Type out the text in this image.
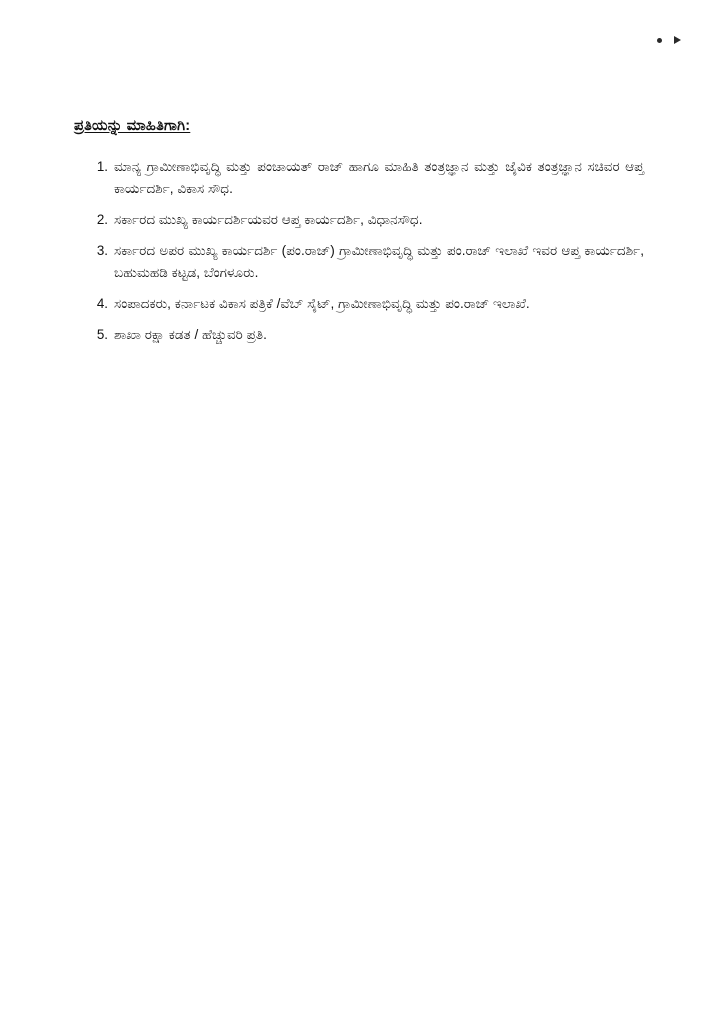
ಪ್ರತಿಯನ್ನು ಮಾಹಿತಿಗಾಗಿ:
ಮಾನ್ಯ ಗ್ರಾಮೀಣಾಭಿವೃದ್ಧಿ ಮತ್ತು ಪಂಚಾಯತ್ ರಾಜ್ ಹಾಗೂ ಮಾಹಿತಿ ತಂತ್ರಜ್ಞಾನ ಮತ್ತು ಜೈವಿಕ ತಂತ್ರಜ್ಞಾನ ಸಚಿವರ ಆಪ್ತ ಕಾರ್ಯದರ್ಶಿ, ವಿಕಾಸ ಸೌಧ.
ಸರ್ಕಾರದ ಮುಖ್ಯ ಕಾರ್ಯದರ್ಶಿಯವರ ಆಪ್ತ ಕಾರ್ಯದರ್ಶಿ, ವಿಧಾನಸೌಧ.
ಸರ್ಕಾರದ ಅಪರ ಮುಖ್ಯ ಕಾರ್ಯದರ್ಶಿ (ಪಂ.ರಾಜ್) ಗ್ರಾಮೀಣಾಭಿವೃದ್ಧಿ ಮತ್ತು ಪಂ.ರಾಜ್ ಇಲಾಖೆ ಇವರ ಆಪ್ತ ಕಾರ್ಯದರ್ಶಿ, ಬಹುಮಹಡಿ ಕಟ್ಟಡ, ಬೆಂಗಳೂರು.
ಸಂಪಾದಕರು, ಕರ್ನಾಟಕ ವಿಕಾಸ ಪತ್ರಿಕೆ /ವೆಬ್ ಸೈಟ್, ಗ್ರಾಮೀಣಾಭಿವೃದ್ಧಿ ಮತ್ತು ಪಂ.ರಾಜ್ ಇಲಾಖೆ.
ಶಾಖಾ ರಕ್ಷಾ ಕಡತ / ಹೆಚ್ಚುವರಿ ಪ್ರತಿ.
